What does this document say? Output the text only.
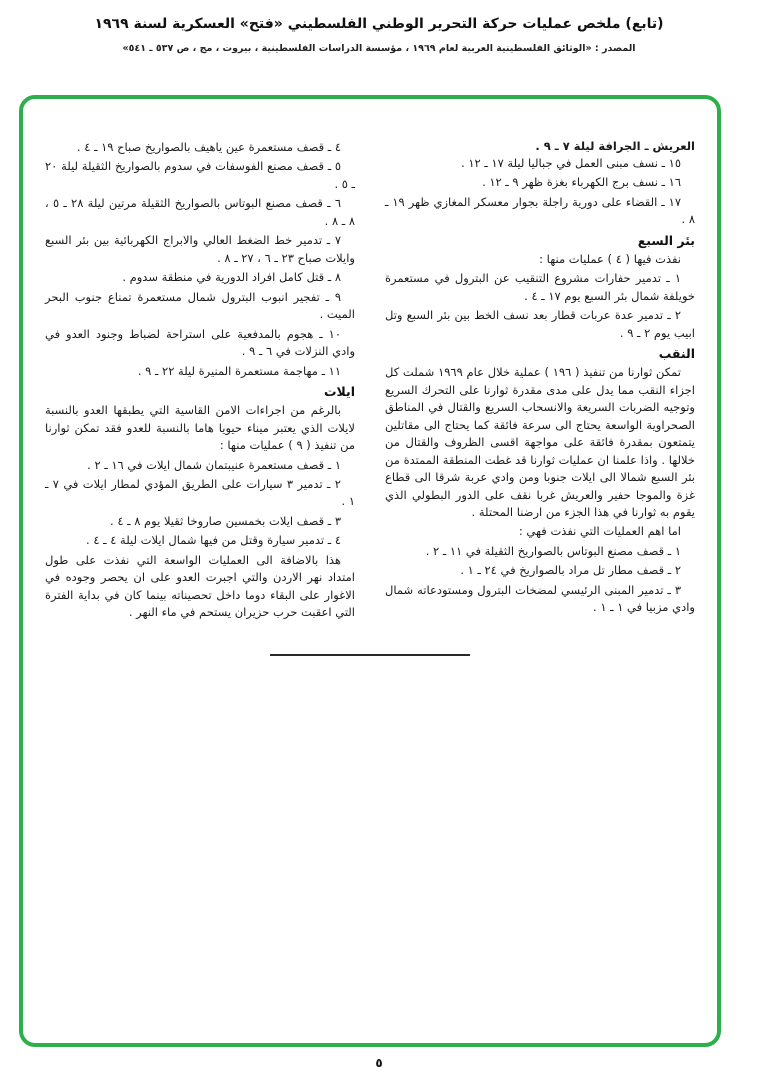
(تابع) ملخص عمليات حركة التحرير الوطني الفلسطيني «فتح» العسكرية لسنة ١٩٦٩
المصدر : «الوثائق الفلسطينية العربية لعام ١٩٦٩ ، مؤسسة الدراسات الفلسطينية ، بيروت ، مج ، ص ٥٣٧ ـ ٥٤١»
العريش ـ الجرافة ليلة ٧ ـ ٩ .
١٥ ـ نسف مبنى العمل في جباليا ليلة ١٧ ـ ١٢ .
١٦ ـ نسف برج الكهرباء بغزة ظهر ٩ ـ ١٢ .
١٧ ـ القضاء على دورية راجلة بجوار معسكر المغازي ظهر ١٩ ـ ٨ .
بئر السبع
نفذت فيها ( ٤ ) عمليات منها :
١ ـ تدمير حفارات مشروع التنقيب عن البترول في مستعمرة خويلفة شمال بئر السبع يوم ١٧ ـ ٤ .
٢ ـ تدمير عدة عربات قطار بعد نسف الخط بين بئر السبع وتل ابيب يوم ٢ ـ ٩ .
النقب
تمكن ثوارنا من تنفيذ ( ١٩٦ ) عملية خلال عام ١٩٦٩ شملت كل اجزاء النقب مما يدل على مدى مقدرة ثوارنا على التحرك السريع وتوجيه الضربات السريعة والانسحاب السريع والقتال في المناطق الصحراوية الواسعة يحتاج الى سرعة فائقة كما يحتاج الى مقاتلين يتمتعون بمقدرة فائقة على مواجهة اقسى الظروف والقتال من خلالها . واذا علمنا ان عمليات ثوارنا قد غطت المنطقة الممتدة من بئر السبع شمالا الى ايلات جنوبا ومن وادي عربة شرقا الى قطاع غزة والموجا حفير والعريش غربا نقف على الدور البطولي الذي يقوم به ثوارنا في هذا الجزء من ارضنا المحتلة .
اما اهم العمليات التي نفذت فهي :
١ ـ قصف مصنع البوتاس بالصواريخ الثقيلة في ١١ ـ ٢ .
٢ ـ قصف مطار تل مراد بالصواريخ في ٢٤ ـ ١ .
٣ ـ تدمير المبنى الرئيسي لمضخات البترول ومستودعاته شمال وادي مزبيا في ١ ـ ١ .
٤ ـ قصف مستعمرة عين ياهيف بالصواريخ صباح ١٩ ـ ٤ .
٥ ـ قصف مصنع الفوسفات في سدوم بالصواريخ الثقيلة ليلة ٢٠ ـ ٥ .
٦ ـ قصف مصنع البوتاس بالصواريخ الثقيلة مرتين ليلة ٢٨ ـ ٥ ، ٨ ـ ٨ .
٧ ـ تدمير خط الضغط العالي والابراج الكهربائية بين بئر السبع وايلات صباح ٢٣ ـ ٦ ، ٢٧ ـ ٨ .
٨ ـ قتل كامل افراد الدورية في منطقة سدوم .
٩ ـ تفجير انبوب البترول شمال مستعمرة تمناع جنوب البحر الميت .
١٠ ـ هجوم بالمدفعية على استراحة لضباط وجنود العدو في وادي النزلات في ٦ ـ ٩ .
١١ ـ مهاجمة مستعمرة المنيرة ليلة ٢٢ ـ ٩ .
ايلات
بالرغم من اجراءات الامن القاسية التي يطبقها العدو بالنسبة لايلات الذي يعتبر ميناء حيويا هاما بالنسبة للعدو فقد تمكن ثوارنا من تنفيذ ( ٩ ) عمليات منها :
١ ـ قصف مستعمرة عنيبتمان شمال ايلات في ١٦ ـ ٢ .
٢ ـ تدمير ٣ سيارات على الطريق المؤدي لمطار ايلات في ٧ ـ ١ .
٣ ـ قصف ايلات بخمسين صاروخا ثقيلا يوم ٨ ـ ٤ .
٤ ـ تدمير سيارة وقتل من فيها شمال ايلات ليلة ٤ ـ ٤ .
هذا بالاضافة الى العمليات الواسعة التي نفذت على طول امتداد نهر الاردن والتي اجبرت العدو على ان يحصر وجوده في الاغوار على البقاء دوما داخل تحصيناته بينما كان في بداية الفترة التي اعقبت حرب حزيران يستحم في ماء النهر .
٥
